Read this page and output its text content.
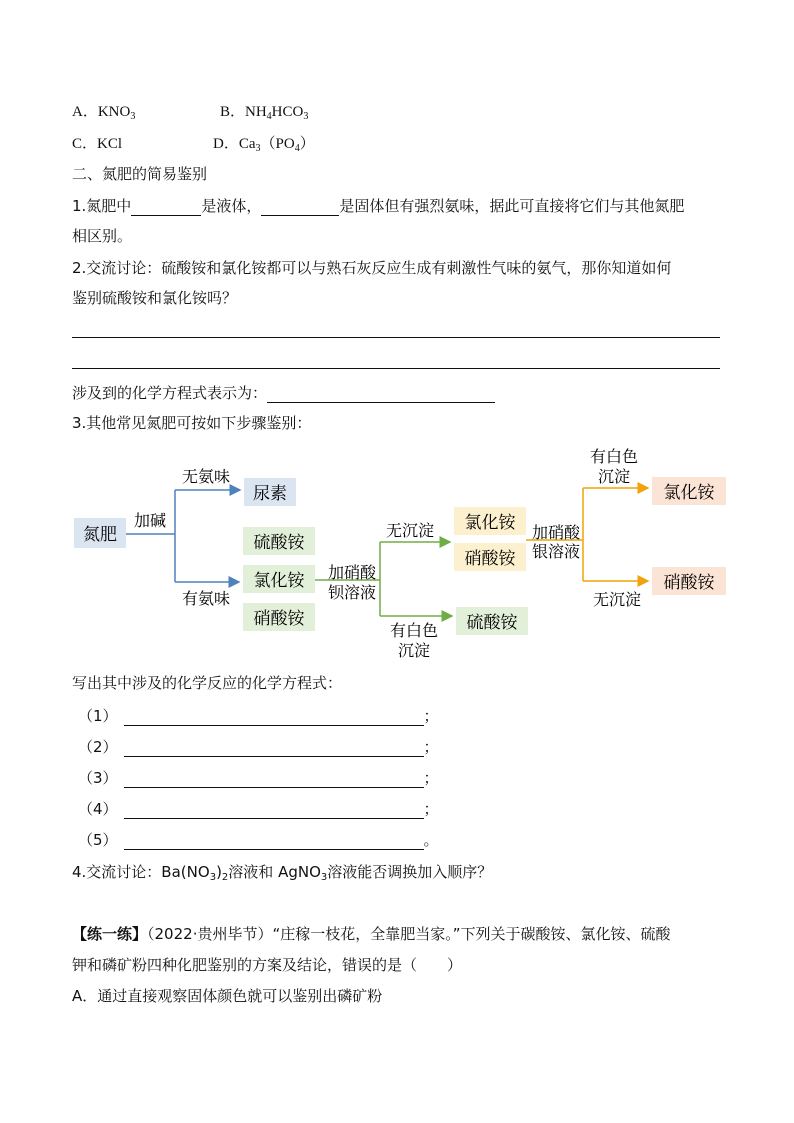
A．$KNO_3$	B．$NH_4HCO_3$
C．KCl	D．$Ca_3(PO_4)$
二、氮肥的简易鉴别
1.氮肥中	是液体，	是固体但有强烈氨味，据此可直接将它们与其他氮肥
相区别。
2.交流讨论：硫酸铵和氯化铵都可以与熟石灰反应生成有刺激性气味的氨气，那你知道如何
鉴别硫酸铵和氯化铵吗？
涉及到的化学方程式表示为：
3.其他常见氮肥可按如下步骤鉴别：
氮肥
加碱
无氨味
有氨味
尿素
硫酸铵
氯化铵
硝酸铵
加硝酸
钡溶液
无沉淀
有白色
沉淀
氯化铵
硝酸铵
硫酸铵
加硝酸
银溶液
有白色
沉淀
无沉淀
氯化铵
硝酸铵
写出其中涉及的化学反应的化学方程式：
（1）	；
（2）	；
（3）	；
（4）	；
（5）	。
4.交流讨论：$Ba(NO_3)_2$溶液和 AgNO$_3$溶液能否调换加入顺序？
【练一练】（2022·贵州毕节）“庄稼一枝花，全靠肥当家。”下列关于碳酸铵、氯化铵、硫酸
钾和磷矿粉四种化肥鉴别的方案及结论，错误的是（　　）
A．通过直接观察固体颜色就可以鉴别出磷矿粉
